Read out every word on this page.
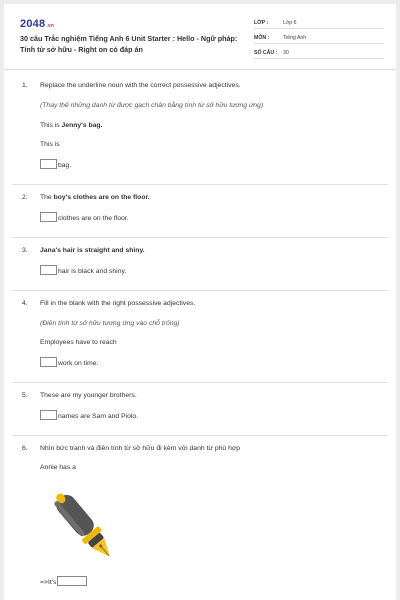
2048.vn
30 câu Trắc nghiệm Tiếng Anh 6 Unit Starter : Hello - Ngữ pháp: Tính từ sở hữu - Right on có đáp án
LỚP :	Lớp 6
MÔN :	Tiếng Anh
SỐ CÂU :	30
1. Replace the underline noun with the correct possessive adjectives.
(Thay thế những danh từ được gạch chân bằng tính từ sở hữu tương ứng)
This is Jenny's bag.
This is
bag.
2. The boy's clothes are on the floor.
clothes are on the floor.
3. Jana's hair is straight and shiny.
hair is black and shiny.
4. Fill in the blank with the right possessive adjectives.
(Điền tính từ sở hữu tương ứng vào chỗ trống)
Employees have to reach
work on time.
5. These are my younger brothers.
names are Sam and Piolo.
6. Nhìn bức tranh và điền tính từ sở hữu đi kèm với danh từ phù hợp
Annie has a
=>It's
